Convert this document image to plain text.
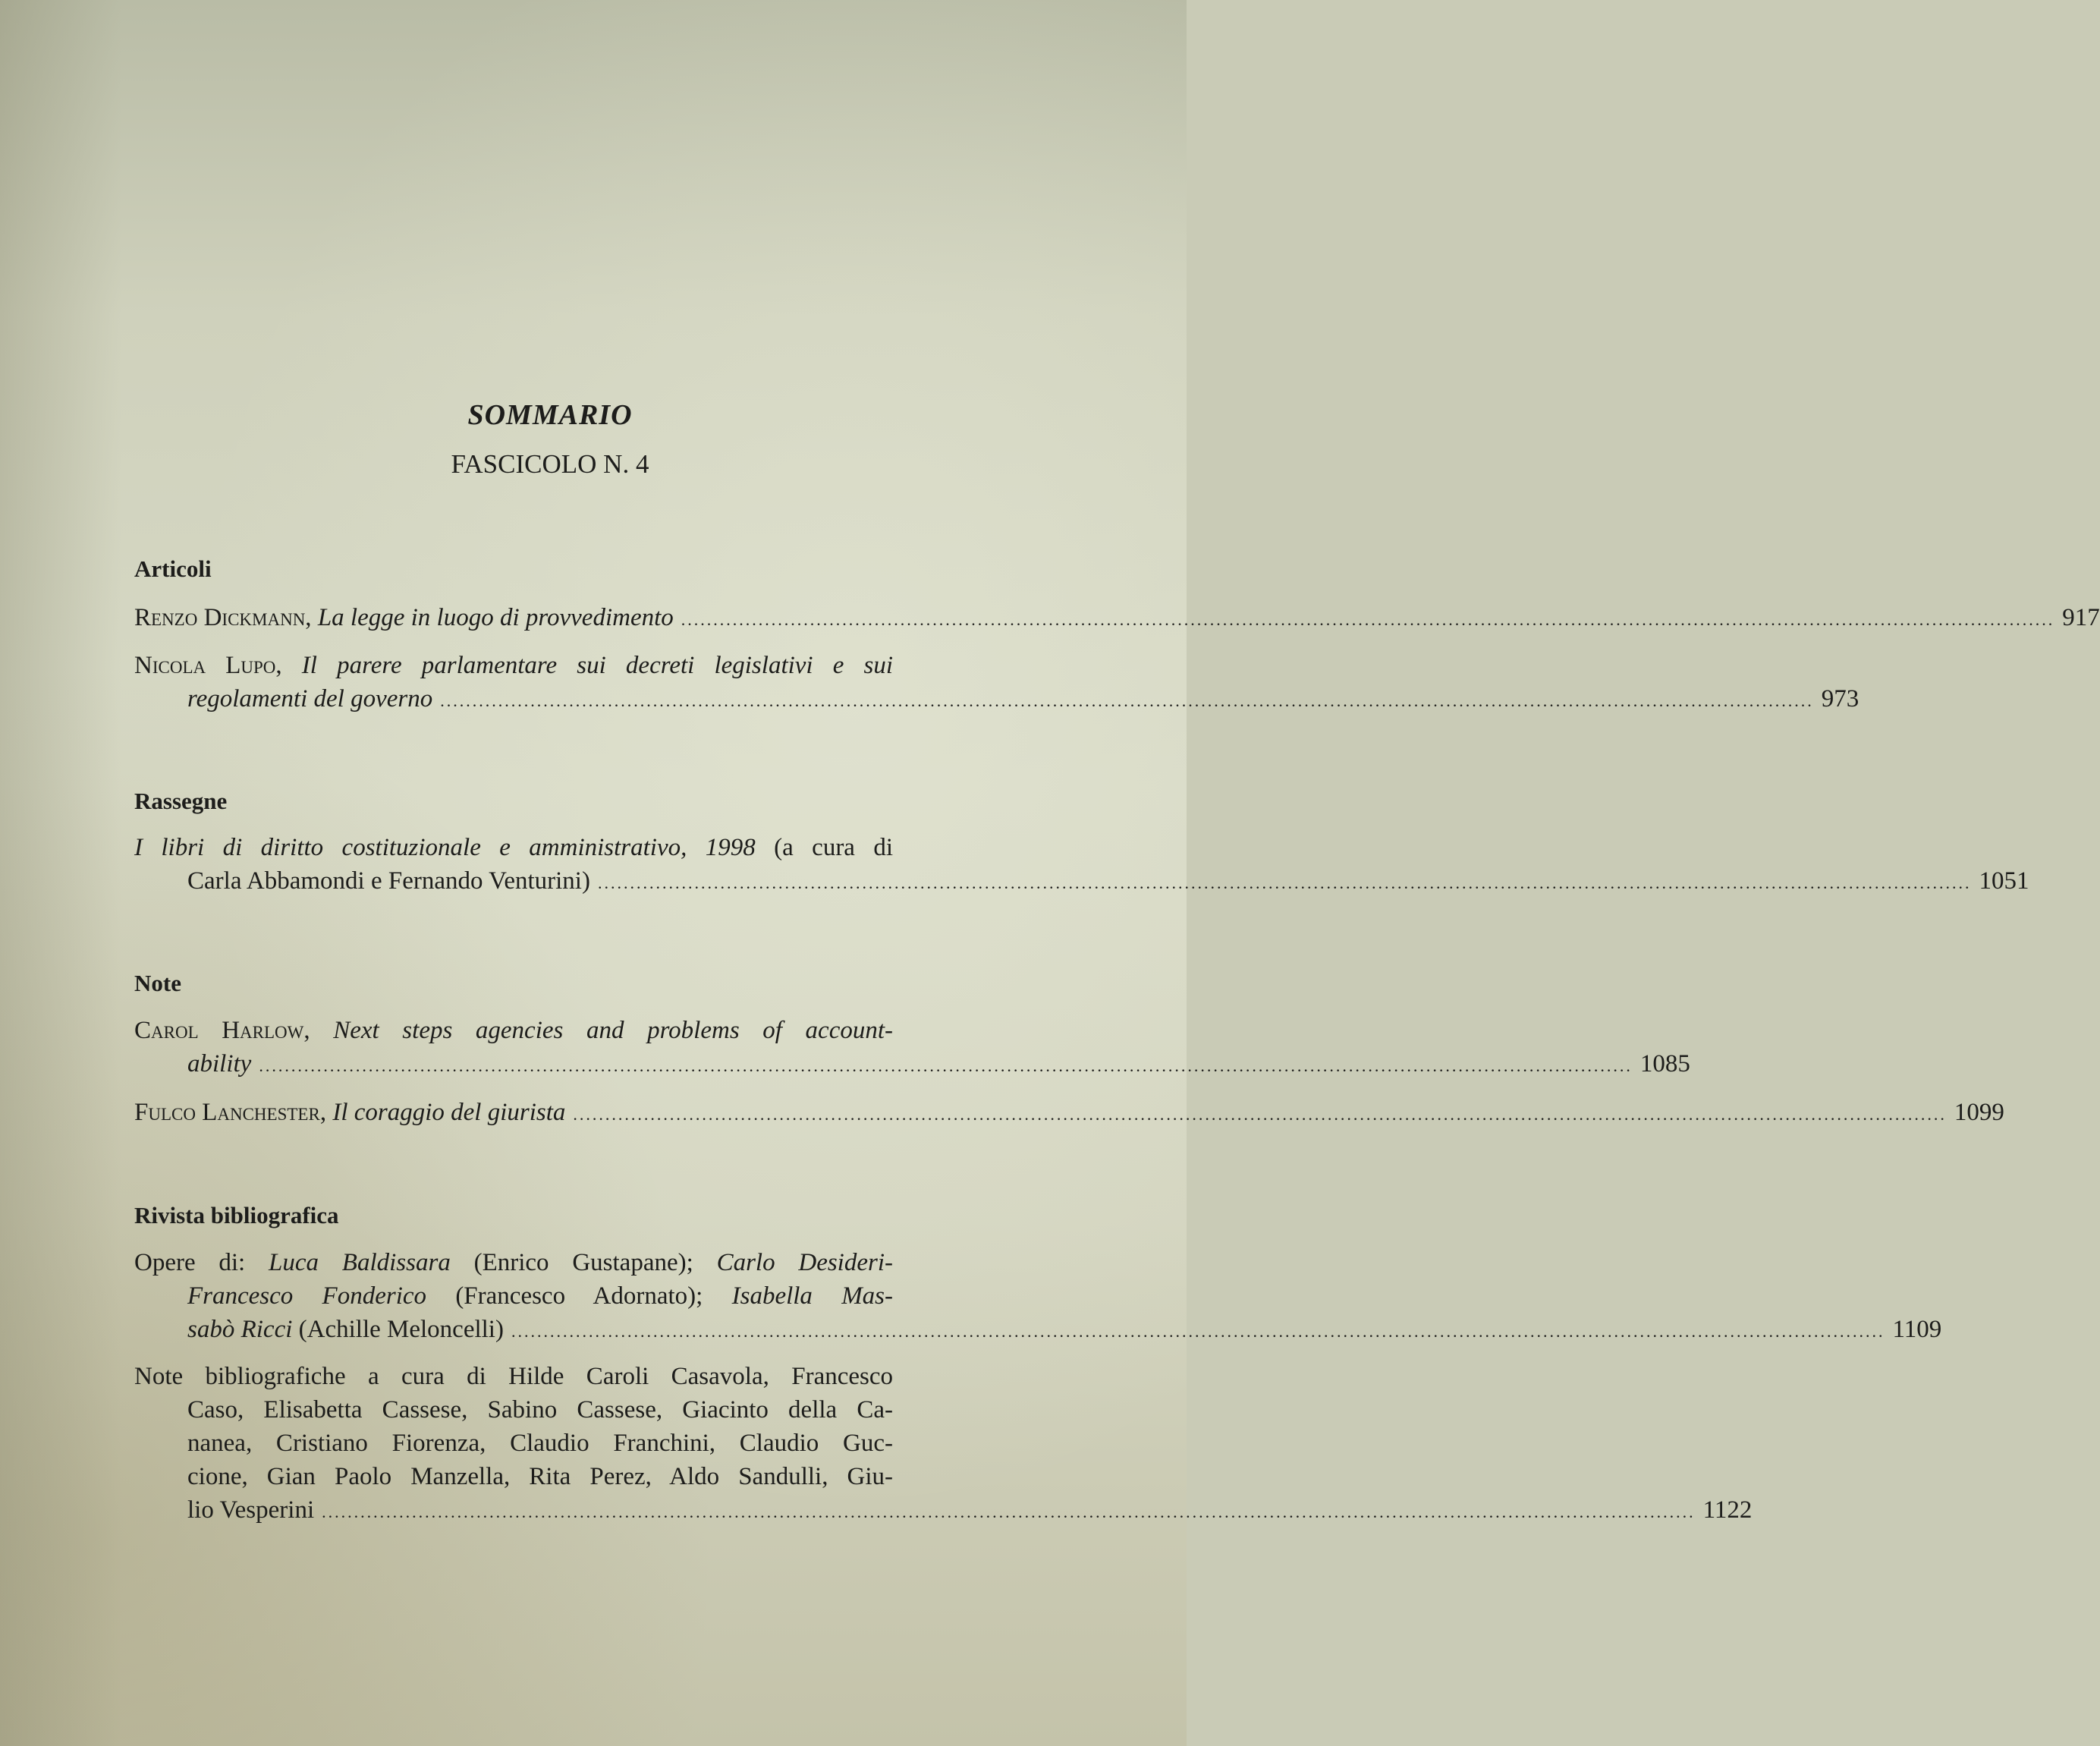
SOMMARIO
FASCICOLO N. 4
Articoli
Renzo Dickmann,
La legge in luogo di provvedimento ..................................................................................................................................................................................................................... 917
Nicola Lupo, Il parere parlamentare sui decreti legislativi e sui
regolamenti del governo ..................................................................................................................................................................................................................... 973
Rassegne
I libri di diritto costituzionale e amministrativo, 1998 (a cura di
Carla Abbamondi e Fernando Venturini) ..................................................................................................................................................................................................................... 1051
Note
Carol Harlow, Next steps agencies and problems of account-
ability ..................................................................................................................................................................................................................... 1085
Fulco Lanchester,
Il coraggio del giurista ..................................................................................................................................................................................................................... 1099
Rivista bibliografica
Opere di: Luca Baldissara (Enrico Gustapane); Carlo Desideri-
Francesco Fonderico (Francesco Adornato); Isabella Mas-
sabò Ricci
(Achille Meloncelli) ..................................................................................................................................................................................................................... 1109
Note bibliografiche a cura di Hilde Caroli Casavola, Francesco
Caso, Elisabetta Cassese, Sabino Cassese, Giacinto della Ca-
nanea, Cristiano Fiorenza, Claudio Franchini, Claudio Guc-
cione, Gian Paolo Manzella, Rita Perez, Aldo Sandulli, Giu-
lio Vesperini ..................................................................................................................................................................................................................... 1122
